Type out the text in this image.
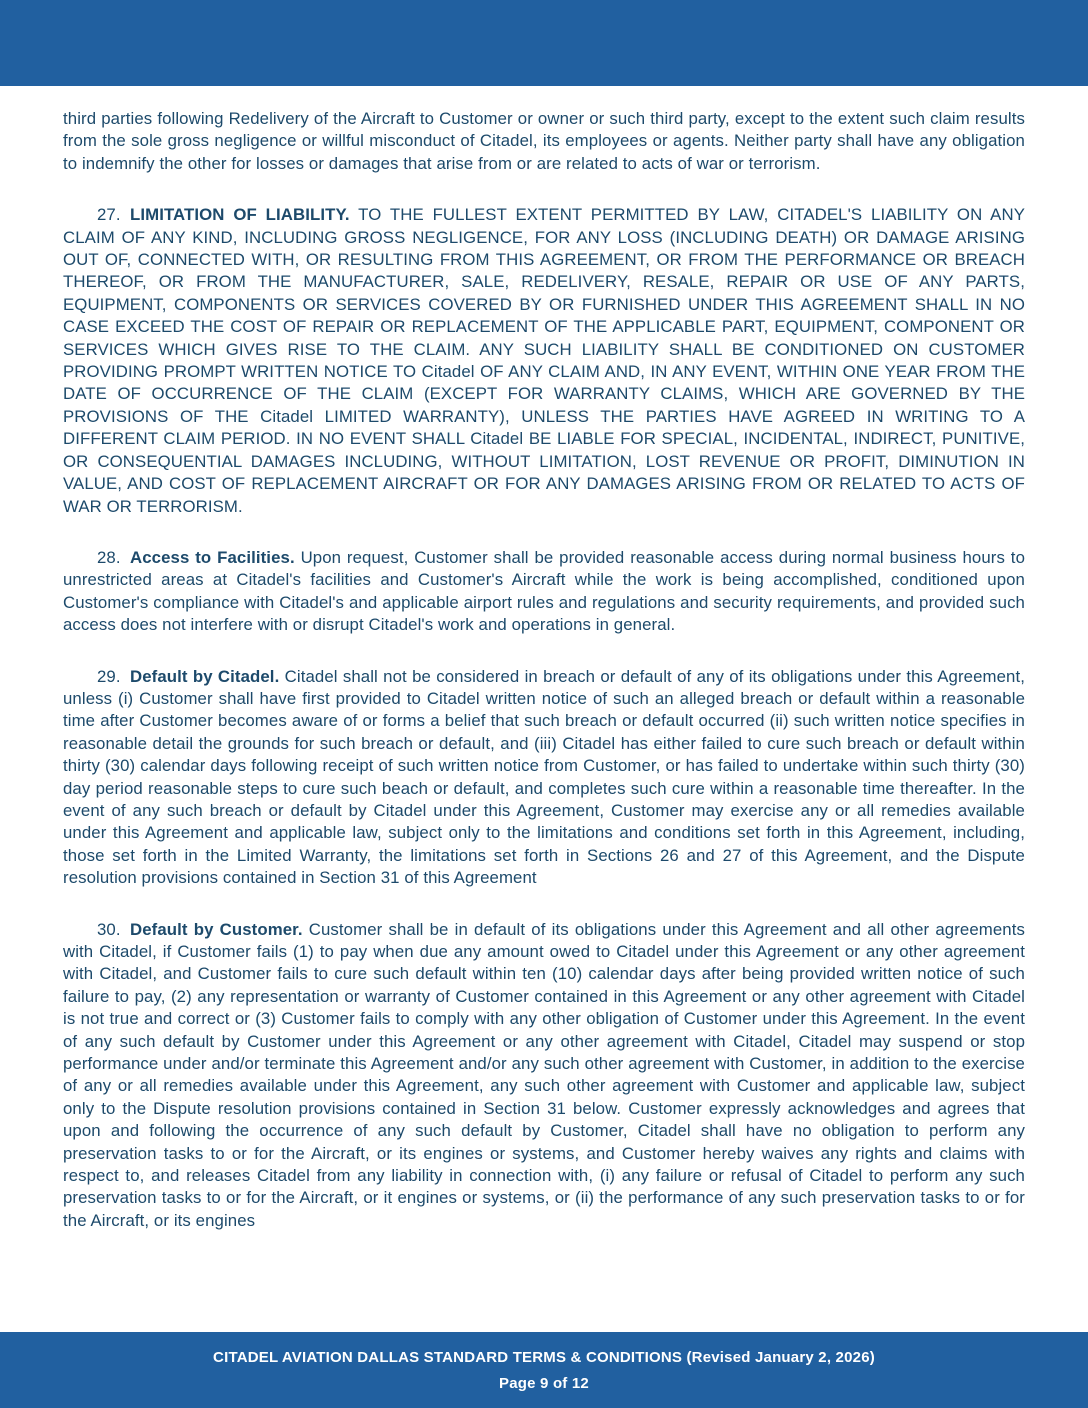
third parties following Redelivery of the Aircraft to Customer or owner or such third party, except to the extent such claim results from the sole gross negligence or willful misconduct of Citadel, its employees or agents. Neither party shall have any obligation to indemnify the other for losses or damages that arise from or are related to acts of war or terrorism.

27. LIMITATION OF LIABILITY. TO THE FULLEST EXTENT PERMITTED BY LAW, CITADEL'S LIABILITY ON ANY CLAIM OF ANY KIND, INCLUDING GROSS NEGLIGENCE, FOR ANY LOSS (INCLUDING DEATH) OR DAMAGE ARISING OUT OF, CONNECTED WITH, OR RESULTING FROM THIS AGREEMENT, OR FROM THE PERFORMANCE OR BREACH THEREOF, OR FROM THE MANUFACTURER, SALE, REDELIVERY, RESALE, REPAIR OR USE OF ANY PARTS, EQUIPMENT, COMPONENTS OR SERVICES COVERED BY OR FURNISHED UNDER THIS AGREEMENT SHALL IN NO CASE EXCEED THE COST OF REPAIR OR REPLACEMENT OF THE APPLICABLE PART, EQUIPMENT, COMPONENT OR SERVICES WHICH GIVES RISE TO THE CLAIM. ANY SUCH LIABILITY SHALL BE CONDITIONED ON CUSTOMER PROVIDING PROMPT WRITTEN NOTICE TO Citadel OF ANY CLAIM AND, IN ANY EVENT, WITHIN ONE YEAR FROM THE DATE OF OCCURRENCE OF THE CLAIM (EXCEPT FOR WARRANTY CLAIMS, WHICH ARE GOVERNED BY THE PROVISIONS OF THE Citadel LIMITED WARRANTY), UNLESS THE PARTIES HAVE AGREED IN WRITING TO A DIFFERENT CLAIM PERIOD. IN NO EVENT SHALL Citadel BE LIABLE FOR SPECIAL, INCIDENTAL, INDIRECT, PUNITIVE, OR CONSEQUENTIAL DAMAGES INCLUDING, WITHOUT LIMITATION, LOST REVENUE OR PROFIT, DIMINUTION IN VALUE, AND COST OF REPLACEMENT AIRCRAFT OR FOR ANY DAMAGES ARISING FROM OR RELATED TO ACTS OF WAR OR TERRORISM.

28. Access to Facilities. Upon request, Customer shall be provided reasonable access during normal business hours to unrestricted areas at Citadel's facilities and Customer's Aircraft while the work is being accomplished, conditioned upon Customer's compliance with Citadel's and applicable airport rules and regulations and security requirements, and provided such access does not interfere with or disrupt Citadel's work and operations in general.

29. Default by Citadel. Citadel shall not be considered in breach or default of any of its obligations under this Agreement, unless (i) Customer shall have first provided to Citadel written notice of such an alleged breach or default within a reasonable time after Customer becomes aware of or forms a belief that such breach or default occurred (ii) such written notice specifies in reasonable detail the grounds for such breach or default, and (iii) Citadel has either failed to cure such breach or default within thirty (30) calendar days following receipt of such written notice from Customer, or has failed to undertake within such thirty (30) day period reasonable steps to cure such beach or default, and completes such cure within a reasonable time thereafter. In the event of any such breach or default by Citadel under this Agreement, Customer may exercise any or all remedies available under this Agreement and applicable law, subject only to the limitations and conditions set forth in this Agreement, including, those set forth in the Limited Warranty, the limitations set forth in Sections 26 and 27 of this Agreement, and the Dispute resolution provisions contained in Section 31 of this Agreement

30. Default by Customer. Customer shall be in default of its obligations under this Agreement and all other agreements with Citadel, if Customer fails (1) to pay when due any amount owed to Citadel under this Agreement or any other agreement with Citadel, and Customer fails to cure such default within ten (10) calendar days after being provided written notice of such failure to pay, (2) any representation or warranty of Customer contained in this Agreement or any other agreement with Citadel is not true and correct or (3) Customer fails to comply with any other obligation of Customer under this Agreement. In the event of any such default by Customer under this Agreement or any other agreement with Citadel, Citadel may suspend or stop performance under and/or terminate this Agreement and/or any such other agreement with Customer, in addition to the exercise of any or all remedies available under this Agreement, any such other agreement with Customer and applicable law, subject only to the Dispute resolution provisions contained in Section 31 below. Customer expressly acknowledges and agrees that upon and following the occurrence of any such default by Customer, Citadel shall have no obligation to perform any preservation tasks to or for the Aircraft, or its engines or systems, and Customer hereby waives any rights and claims with respect to, and releases Citadel from any liability in connection with, (i) any failure or refusal of Citadel to perform any such preservation tasks to or for the Aircraft, or it engines or systems, or (ii) the performance of any such preservation tasks to or for the Aircraft, or its engines

CITADEL AVIATION DALLAS STANDARD TERMS & CONDITIONS (Revised January 2, 2026)
Page 9 of 12
